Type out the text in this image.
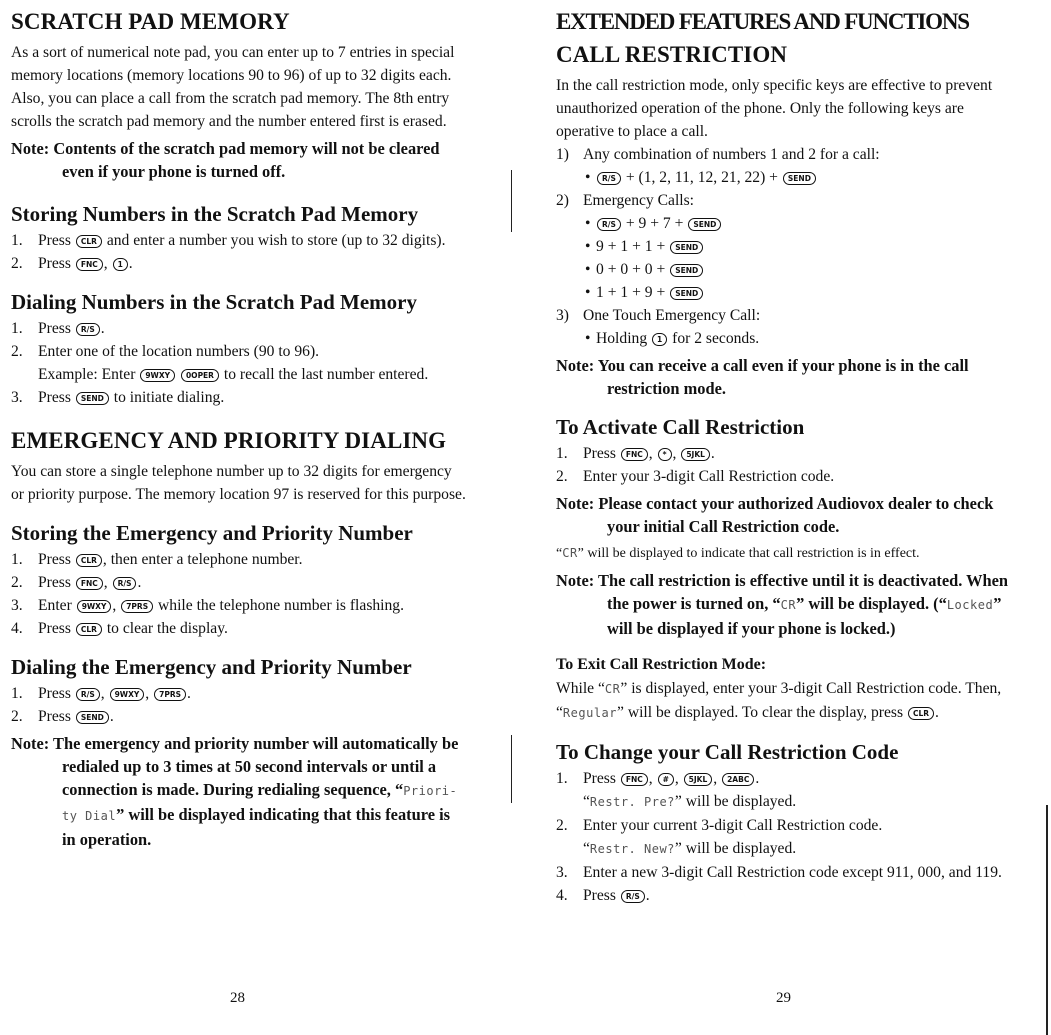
SCRATCH PAD MEMORY

As a sort of numerical note pad, you can enter up to 7 entries in special memory locations (memory locations 90 to 96) of up to 32 digits each. Also, you can place a call from the scratch pad memory. The 8th entry scrolls the scratch pad memory and the number entered first is erased.

Note: Contents of the scratch pad memory will not be cleared even if your phone is turned off.

Storing Numbers in the Scratch Pad Memory
1. Press CLR and enter a number you wish to store (up to 32 digits).
2. Press FNC , 1 .
Dialing Numbers in the Scratch Pad Memory
1. Press R/S .
2. Enter one of the location numbers (90 to 96).
Example: Enter 9WXY 0OPER to recall the last number entered.
3. Press SEND to initiate dialing.
EMERGENCY AND PRIORITY DIALING

You can store a single telephone number up to 32 digits for emergency or priority purpose. The memory location 97 is reserved for this purpose.

Storing the Emergency and Priority Number
1. Press CLR , then enter a telephone number.
2. Press FNC , R/S .
3. Enter 9WXY , 7PRS while the telephone number is flashing.
4. Press CLR to clear the display.
Dialing the Emergency and Priority Number
1. Press R/S , 9WXY , 7PRS .
2. Press SEND .

Note: The emergency and priority number will automatically be redialed up to 3 times at 50 second intervals or until a connection is made. During redialing sequence, “Priori-ty Dial” will be displayed indicating that this feature is in operation.

28
EXTENDED FEATURES AND FUNCTIONS
CALL RESTRICTION

In the call restriction mode, only specific keys are effective to prevent unauthorized operation of the phone. Only the following keys are operative to place a call.

1) Any combination of numbers 1 and 2 for a call:
• R/S + (1, 2, 11, 12, 21, 22) + SEND
2) Emergency Calls:
• R/S + 9 + 7 + SEND
• 9 + 1 + 1 + SEND
• 0 + 0 + 0 + SEND
• 1 + 1 + 9 + SEND
3) One Touch Emergency Call:
• Holding 1 for 2 seconds.

Note: You can receive a call even if your phone is in the call restriction mode.

To Activate Call Restriction
1. Press FNC , * , 5JKL .
2. Enter your 3-digit Call Restriction code.

Note: Please contact your authorized Audiovox dealer to check your initial Call Restriction code.

“CR” will be displayed to indicate that call restriction is in effect.

Note: The call restriction is effective until it is deactivated. When the power is turned on, “CR” will be displayed. (“Locked” will be displayed if your phone is locked.)

To Exit Call Restriction Mode:

While “CR” is displayed, enter your 3-digit Call Restriction code. Then, “Regular” will be displayed. To clear the display, press CLR .

To Change your Call Restriction Code
1. Press FNC , # , 5JKL , 2ABC .
“Restr. Pre?” will be displayed.
2. Enter your current 3-digit Call Restriction code.
“Restr. New?” will be displayed.
3. Enter a new 3-digit Call Restriction code except 911, 000, and 119.
4. Press R/S .
29
